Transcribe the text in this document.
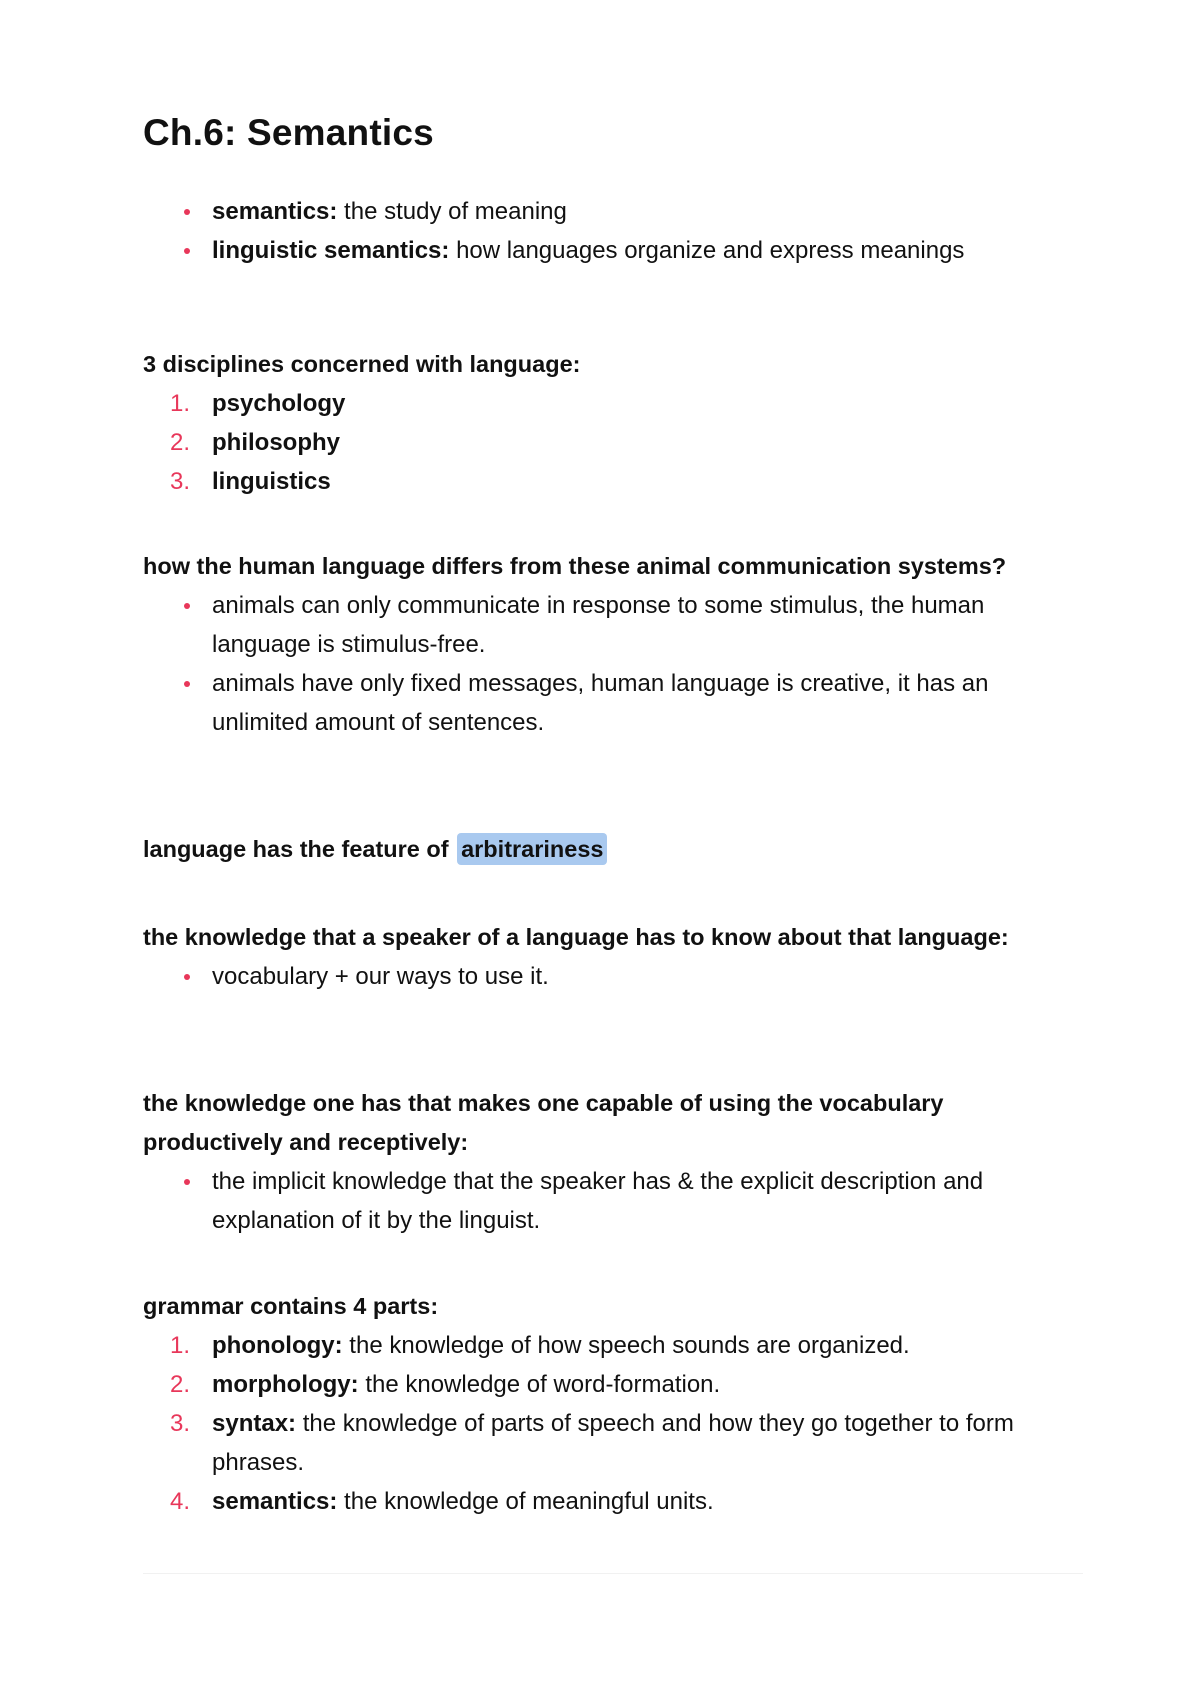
Ch.6: Semantics
semantics: the study of meaning
linguistic semantics: how languages organize and express meanings

3 disciplines concerned with language:

1. psychology
2. philosophy
3. linguistics

how the human language differs from these animal communication systems?

animals can only communicate in response to some stimulus, the human language is stimulus-free.
animals have only fixed messages, human language is creative, it has an unlimited amount of sentences.

language has the feature of arbitrariness

the knowledge that a speaker of a language has to know about that language:

vocabulary + our ways to use it.

the knowledge one has that makes one capable of using the vocabulary productively and receptively:

the implicit knowledge that the speaker has & the explicit description and explanation of it by the linguist.

grammar contains 4 parts:

1. phonology: the knowledge of how speech sounds are organized.
2. morphology: the knowledge of word-formation.
3. syntax: the knowledge of parts of speech and how they go together to form phrases.
4. semantics: the knowledge of meaningful units.
